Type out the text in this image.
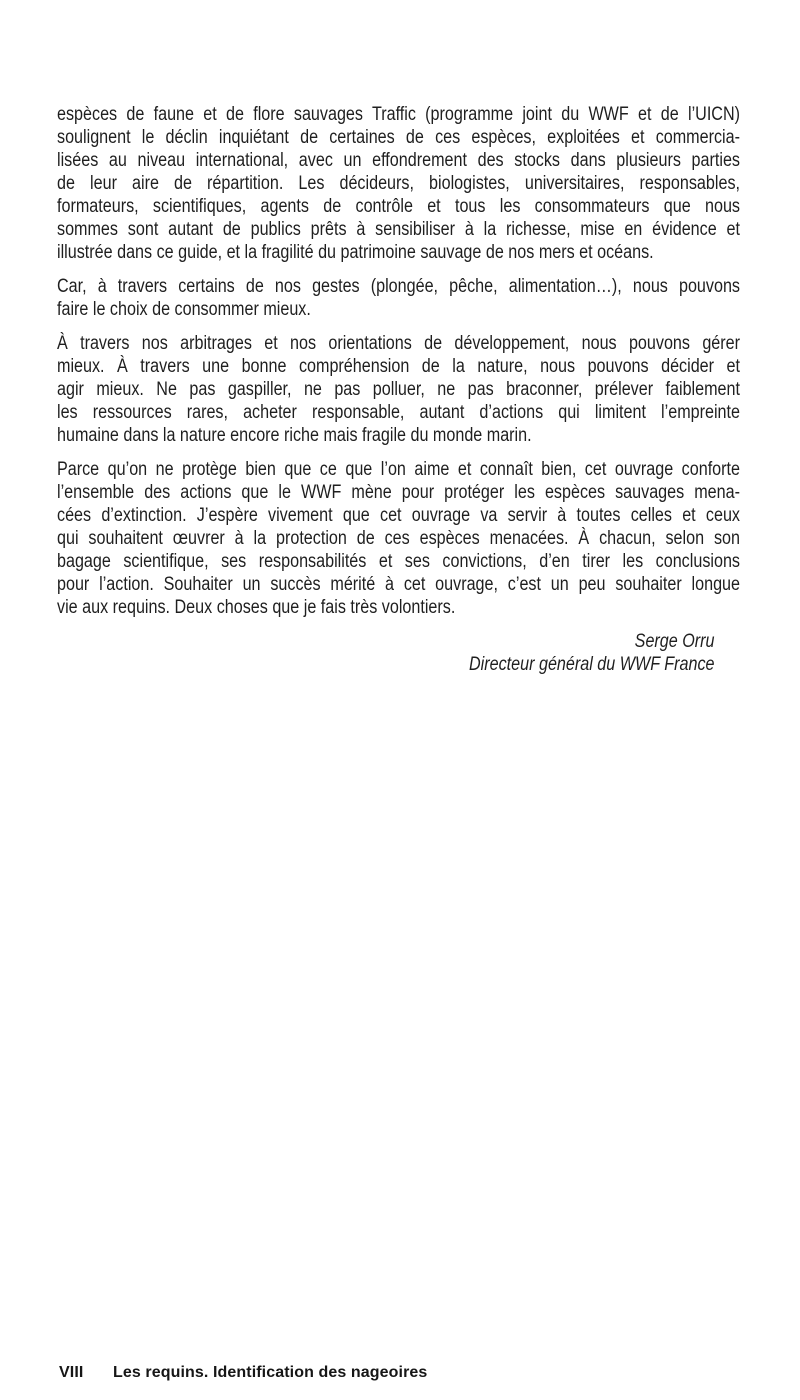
espèces de faune et de flore sauvages Traffic (programme joint du WWF et de l’UICN)
soulignent le déclin inquiétant de certaines de ces espèces, exploitées et commercia-
lisées au niveau international, avec un effondrement des stocks dans plusieurs parties
de leur aire de répartition. Les décideurs, biologistes, universitaires, responsables,
formateurs, scientifiques, agents de contrôle et tous les consommateurs que nous
sommes sont autant de publics prêts à sensibiliser à la richesse, mise en évidence et
illustrée dans ce guide, et la fragilité du patrimoine sauvage de nos mers et océans.
Car, à travers certains de nos gestes (plongée, pêche, alimentation…), nous pouvons
faire le choix de consommer mieux.
À travers nos arbitrages et nos orientations de développement, nous pouvons gérer
mieux. À travers une bonne compréhension de la nature, nous pouvons décider et
agir mieux. Ne pas gaspiller, ne pas polluer, ne pas braconner, prélever faiblement
les ressources rares, acheter responsable, autant d’actions qui limitent l’empreinte
humaine dans la nature encore riche mais fragile du monde marin.
Parce qu’on ne protège bien que ce que l’on aime et connaît bien, cet ouvrage conforte
l’ensemble des actions que le WWF mène pour protéger les espèces sauvages mena-
cées d’extinction. J’espère vivement que cet ouvrage va servir à toutes celles et ceux
qui souhaitent œuvrer à la protection de ces espèces menacées. À chacun, selon son
bagage scientifique, ses responsabilités et ses convictions, d’en tirer les conclusions
pour l’action. Souhaiter un succès mérité à cet ouvrage, c’est un peu souhaiter longue
vie aux requins. Deux choses que je fais très volontiers.
Serge Orru
Directeur général du WWF France
VIII Les requins. Identification des nageoires
